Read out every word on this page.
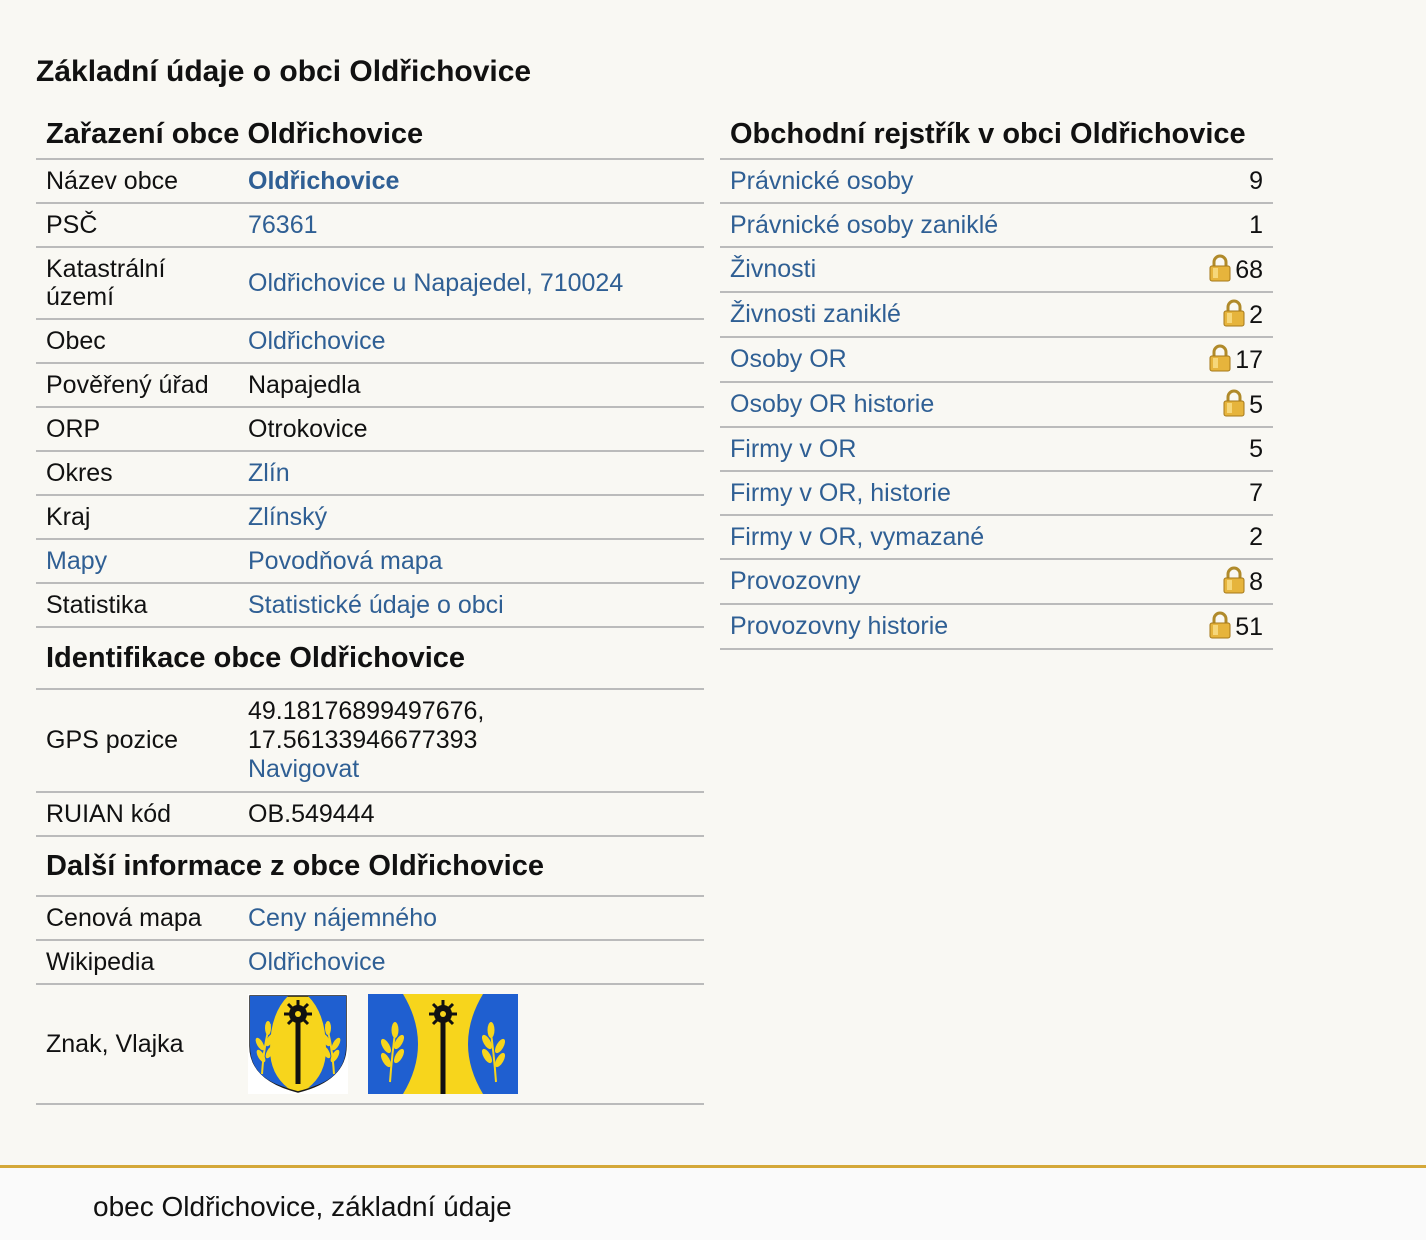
Základní údaje o obci Oldřichovice
Zařazení obce Oldřichovice
Název obce	Oldřichovice
PSČ	76361
Katastrální území	Oldřichovice u Napajedel, 710024
Obec	Oldřichovice
Pověřený úřad	Napajedla
ORP	Otrokovice
Okres	Zlín
Kraj	Zlínský
Mapy	Povodňová mapa
Statistika	Statistické údaje o obci
Identifikace obce Oldřichovice
GPS pozice	49.18176899497676,
17.56133946677393
Navigovat
RUIAN kód	OB.549444
Další informace z obce Oldřichovice
Cenová mapa	Ceny nájemného
Wikipedia	Oldřichovice
Znak, Vlajka	
Obchodní rejstřík v obci Oldřichovice
Právnické osoby	9
Právnické osoby zaniklé	1
Živnosti	68
Živnosti zaniklé	2
Osoby OR	17
Osoby OR historie	5
Firmy v OR	5
Firmy v OR, historie	7
Firmy v OR, vymazané	2
Provozovny	8
Provozovny historie	51
obec Oldřichovice, základní údaje
